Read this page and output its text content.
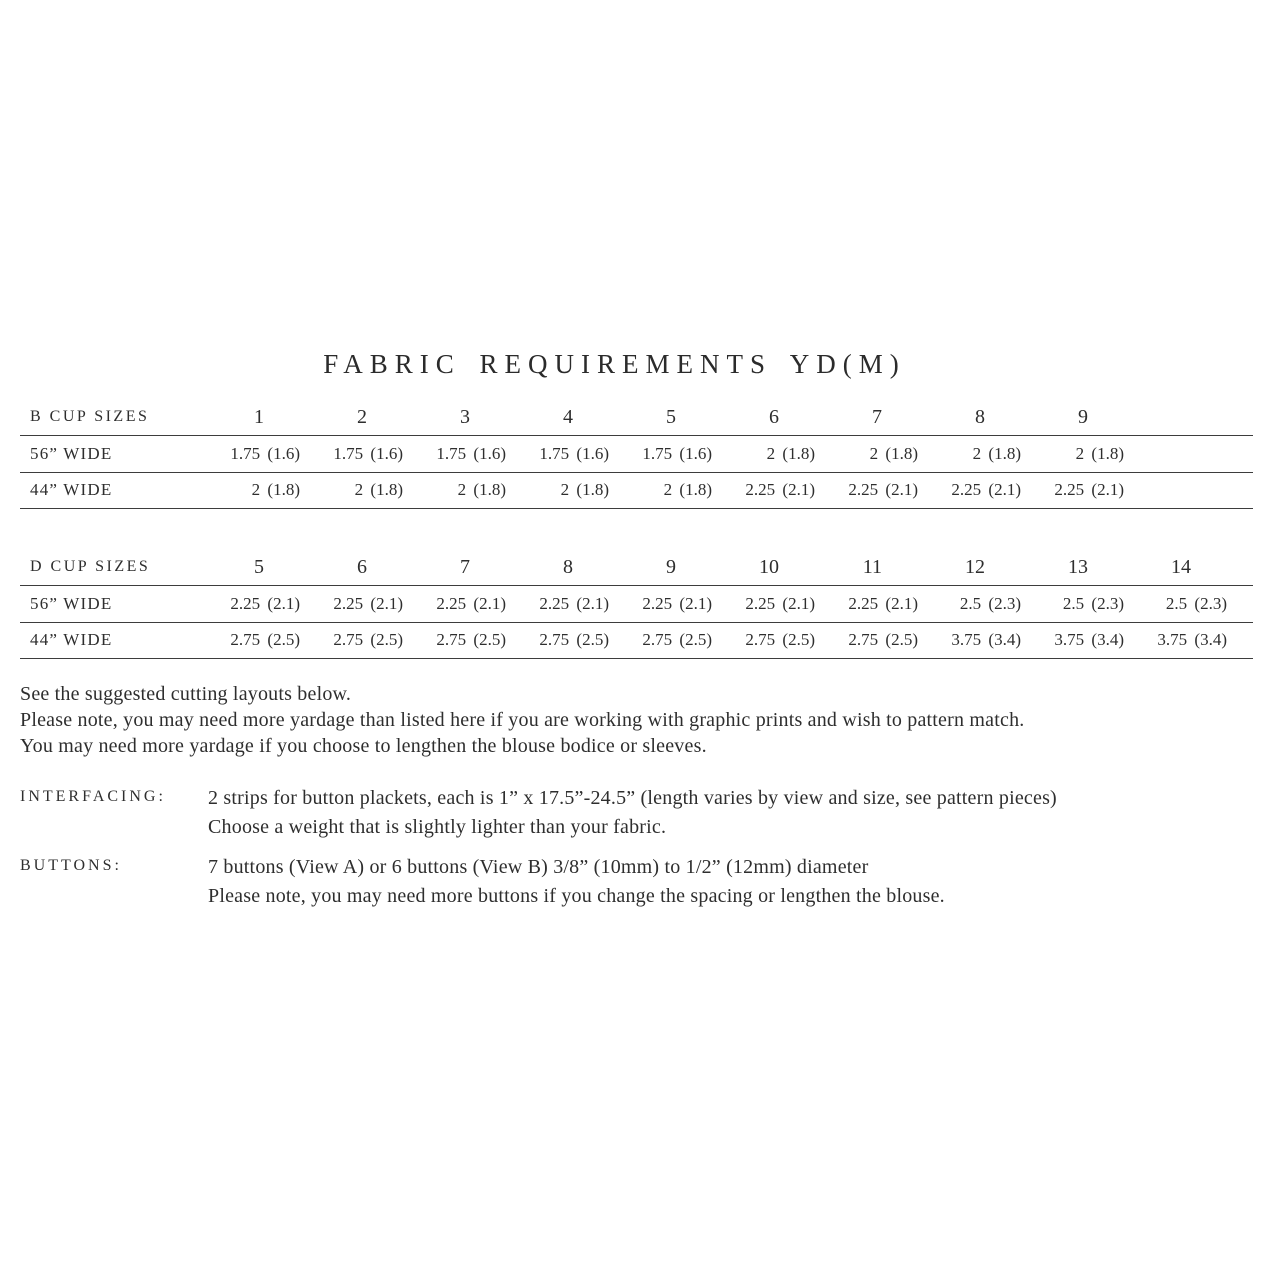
FABRIC REQUIREMENTS YD(M)
B CUP SIZES	1	2	3	4	5	6	7	8	9	
56” WIDE	1.75 (1.6)	1.75 (1.6)	1.75 (1.6)	1.75 (1.6)	1.75 (1.6)	2 (1.8)	2 (1.8)	2 (1.8)	2 (1.8)	
44” WIDE	2 (1.8)	2 (1.8)	2 (1.8)	2 (1.8)	2 (1.8)	2.25 (2.1)	2.25 (2.1)	2.25 (2.1)	2.25 (2.1)	
D CUP SIZES	5	6	7	8	9	10	11	12	13	14
56” WIDE	2.25 (2.1)	2.25 (2.1)	2.25 (2.1)	2.25 (2.1)	2.25 (2.1)	2.25 (2.1)	2.25 (2.1)	2.5 (2.3)	2.5 (2.3)	2.5 (2.3)
44” WIDE	2.75 (2.5)	2.75 (2.5)	2.75 (2.5)	2.75 (2.5)	2.75 (2.5)	2.75 (2.5)	2.75 (2.5)	3.75 (3.4)	3.75 (3.4)	3.75 (3.4)

See the suggested cutting layouts below.

Please note, you may need more yardage than listed here if you are working with graphic prints and wish to pattern match.

You may need more yardage if you choose to lengthen the blouse bodice or sleeves.

INTERFACING:	2 strips for button plackets, each is 1” x 17.5”-24.5” (length varies by view and size, see pattern pieces)

Choose a weight that is slightly lighter than your fabric.

BUTTONS:	7 buttons (View A) or 6 buttons (View B) 3/8” (10mm) to 1/2” (12mm) diameter

Please note, you may need more buttons if you change the spacing or lengthen the blouse.
